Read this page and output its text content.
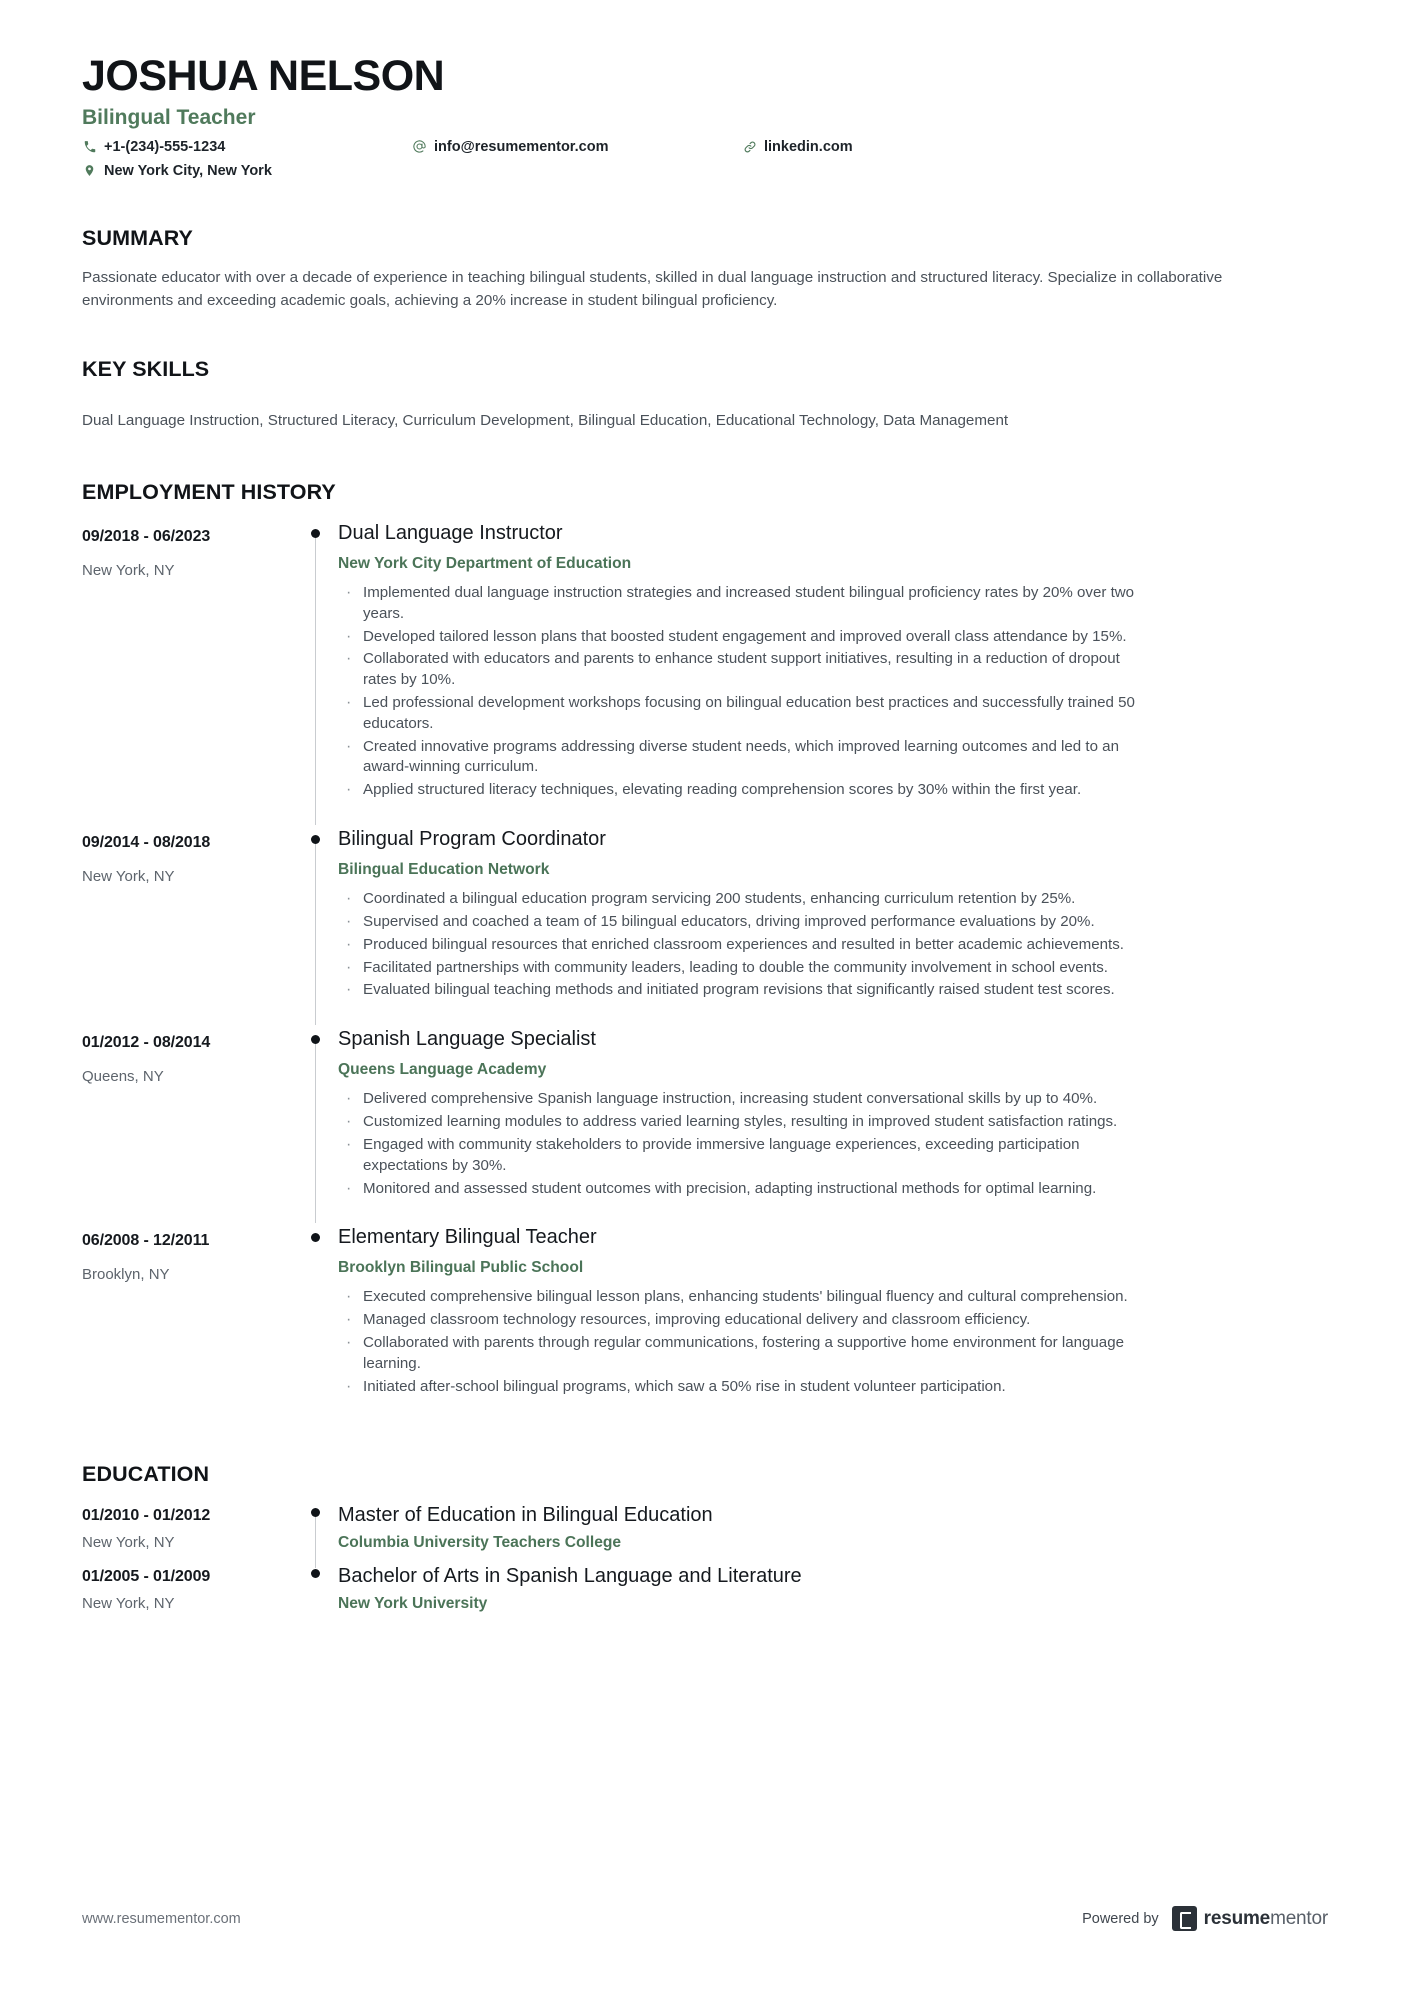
JOSHUA NELSON
Bilingual Teacher
+1-(234)-555-1234	info@resumementor.com	linkedin.com
New York City, New York
SUMMARY
Passionate educator with over a decade of experience in teaching bilingual students, skilled in dual language instruction and structured literacy. Specialize in collaborative environments and exceeding academic goals, achieving a 20% increase in student bilingual proficiency.
KEY SKILLS
Dual Language Instruction, Structured Literacy, Curriculum Development, Bilingual Education, Educational Technology, Data Management
EMPLOYMENT HISTORY
09/2018 - 06/2023
New York, NY
Dual Language Instructor
New York City Department of Education
· Implemented dual language instruction strategies and increased student bilingual proficiency rates by 20% over two years.
· Developed tailored lesson plans that boosted student engagement and improved overall class attendance by 15%.
· Collaborated with educators and parents to enhance student support initiatives, resulting in a reduction of dropout rates by 10%.
· Led professional development workshops focusing on bilingual education best practices and successfully trained 50 educators.
· Created innovative programs addressing diverse student needs, which improved learning outcomes and led to an award-winning curriculum.
· Applied structured literacy techniques, elevating reading comprehension scores by 30% within the first year.
09/2014 - 08/2018
New York, NY
Bilingual Program Coordinator
Bilingual Education Network
· Coordinated a bilingual education program servicing 200 students, enhancing curriculum retention by 25%.
· Supervised and coached a team of 15 bilingual educators, driving improved performance evaluations by 20%.
· Produced bilingual resources that enriched classroom experiences and resulted in better academic achievements.
· Facilitated partnerships with community leaders, leading to double the community involvement in school events.
· Evaluated bilingual teaching methods and initiated program revisions that significantly raised student test scores.
01/2012 - 08/2014
Queens, NY
Spanish Language Specialist
Queens Language Academy
· Delivered comprehensive Spanish language instruction, increasing student conversational skills by up to 40%.
· Customized learning modules to address varied learning styles, resulting in improved student satisfaction ratings.
· Engaged with community stakeholders to provide immersive language experiences, exceeding participation expectations by 30%.
· Monitored and assessed student outcomes with precision, adapting instructional methods for optimal learning.
06/2008 - 12/2011
Brooklyn, NY
Elementary Bilingual Teacher
Brooklyn Bilingual Public School
· Executed comprehensive bilingual lesson plans, enhancing students' bilingual fluency and cultural comprehension.
· Managed classroom technology resources, improving educational delivery and classroom efficiency.
· Collaborated with parents through regular communications, fostering a supportive home environment for language learning.
· Initiated after-school bilingual programs, which saw a 50% rise in student volunteer participation.
EDUCATION
01/2010 - 01/2012
New York, NY
Master of Education in Bilingual Education
Columbia University Teachers College
01/2005 - 01/2009
New York, NY
Bachelor of Arts in Spanish Language and Literature
New York University
www.resumementor.com	Powered by resumementor
